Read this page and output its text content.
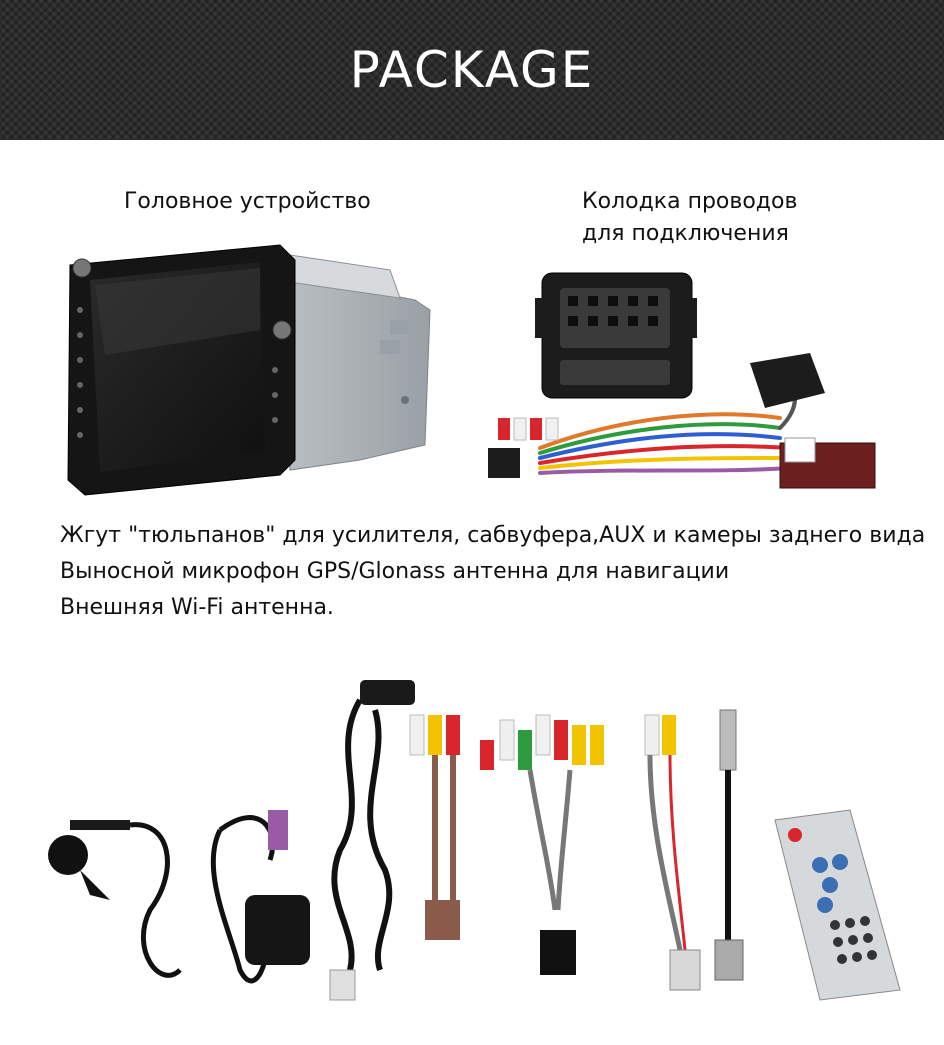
PACKAGE
Головное устройство	Колодка проводов
для подключения
Жгут "тюльпанов" для усилителя, сабвуфера,AUX и камеры заднего вида
Выносной микрофон GPS/Glonass антенна для навигации
Внешняя Wi-Fi антенна.
